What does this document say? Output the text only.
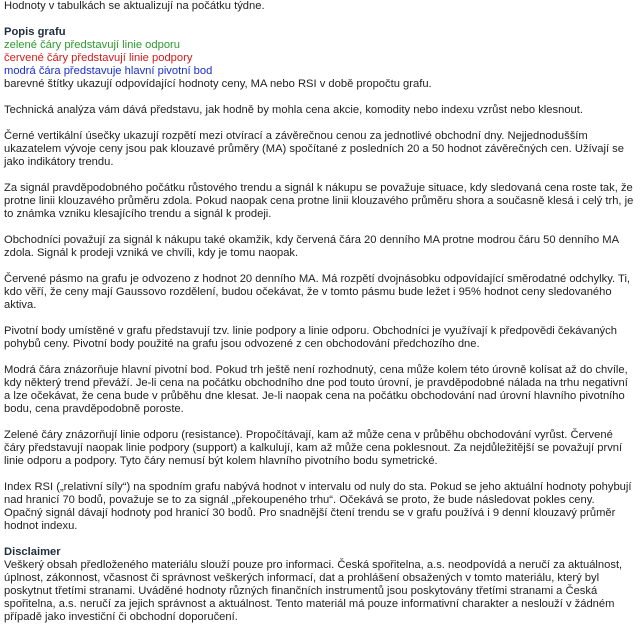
Hodnoty v tabulkách se aktualizují na počátku týdne.

Popis grafu

zelené čáry představují linie odporu
červené čáry představují linie podpory
modrá čára představuje hlavní pivotní bod
barevné štítky ukazují odpovídající hodnoty ceny, MA nebo RSI v době propočtu grafu.

Technická analýza vám dává představu, jak hodně by mohla cena akcie, komodity nebo indexu vzrůst nebo klesnout.

Černé vertikální úsečky ukazují rozpětí mezi otvírací a závěrečnou cenou za jednotlivé obchodní dny. Nejjednodušším ukazatelem vývoje ceny jsou pak klouzavé průměry (MA) spočítané z posledních 20 a 50 hodnot závěrečných cen. Užívají se jako indikátory trendu.

Za signál pravděpodobného počátku růstového trendu a signál k nákupu se považuje situace, kdy sledovaná cena roste tak, že protne linii klouzavého průměru zdola. Pokud naopak cena protne linii klouzavého průměru shora a současně klesá i celý trh, je to známka vzniku klesajícího trendu a signál k prodeji.

Obchodníci považují za signál k nákupu také okamžik, kdy červená čára 20 denního MA protne modrou čáru 50 denního MA zdola. Signál k prodeji vzniká ve chvíli, kdy je tomu naopak.

Červené pásmo na grafu je odvozeno z hodnot 20 denního MA. Má rozpětí dvojnásobku odpovídající směrodatné odchylky. Ti, kdo věří, že ceny mají Gaussovo rozdělení, budou očekávat, že v tomto pásmu bude ležet i 95% hodnot ceny sledovaného aktiva.

Pivotní body umístěné v grafu představují tzv. linie podpory a linie odporu. Obchodníci je využívají k předpovědi čekávaných pohybů ceny. Pivotní body použité na grafu jsou odvozené z cen obchodování předchozího dne.

Modrá čára znázorňuje hlavní pivotní bod. Pokud trh ještě není rozhodnutý, cena může kolem této úrovně kolísat až do chvíle, kdy některý trend převáží. Je-li cena na počátku obchodního dne pod touto úrovní, je pravděpodobné nálada na trhu negativní a lze očekávat, že cena bude v průběhu dne klesat. Je-li naopak cena na počátku obchodování nad úrovní hlavního pivotního bodu, cena pravděpodobně poroste.

Zelené čáry znázorňují linie odporu (resistance). Propočítávají, kam až může cena v průběhu obchodování vyrůst. Červené čáry představují naopak linie podpory (support) a kalkulují, kam až může cena poklesnout. Za nejdůležitější se považují první linie odporu a podpory. Tyto čáry nemusí být kolem hlavního pivotního bodu symetrické.

Index RSI („relativní síly“) na spodním grafu nabývá hodnot v intervalu od nuly do sta. Pokud se jeho aktuální hodnoty pohybují nad hranicí 70 bodů, považuje se to za signál „překoupeného trhu“. Očekává se proto, že bude následovat pokles ceny. Opačný signál dávají hodnoty pod hranicí 30 bodů. Pro snadnější čtení trendu se v grafu používá i 9 denní klouzavý průměr hodnot indexu.

Disclaimer

Veškerý obsah předloženého materiálu slouží pouze pro informaci. Česká spořitelna, a.s. neodpovídá a neručí za aktuálnost, úplnost, zákonnost, včasnost či správnost veškerých informací, dat a prohlášení obsažených v tomto materiálu, který byl poskytnut třetími stranami. Uváděné hodnoty různých finančních instrumentů jsou poskytovány třetími stranami a Česká spořitelna, a.s. neručí za jejich správnost a aktuálnost. Tento materiál má pouze informativní charakter a neslouží v žádném případě jako investiční či obchodní doporučení.
